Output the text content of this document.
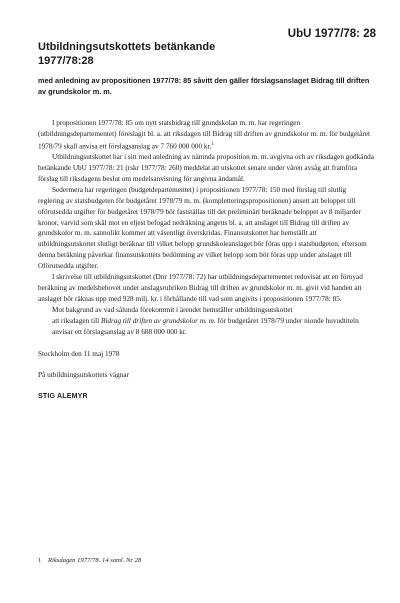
UbU 1977/78: 28
Utbildningsutskottets betänkande
1977/78:28
med anledning av propositionen 1977/78: 85 såvitt den gäller förslagsanslaget Bidrag till driften av grundskolor m. m.

I propositionen 1977/78: 85 om nytt statsbidrag till grundskolan m. m. har regeringen (utbildningsdepartementet) föreslagit bl. a. att riksdagen till Bidrag till driften av grundskolor m. m. för budgetåret 1978/79 skall anvisa ett förslagsanslag av 7 760 000 000 kr.$^1$

Utbildningsutskottet har i sitt med anledning av nämnda proposition m. m. avgivna och av riksdagen godkända betänkande UbU 1977/78: 21 (rskr 1977/78: 260) meddelat att utskottet senare under våren avsåg att framföra förslag till riksdagens beslut om medelsanvisning för angivna ändamål.

Sedermera har regeringen (budgetdepartementet) i propositionen 1977/78: 150 med förslag till slutlig reglering av statsbudgeten för budgetåret 1978/79 m. m. (kompletteringspropositionen) ansett att beloppet till oförutsedda utgifter för budgetåret 1978/79 bör fastställas till det preliminärt beräknade beloppet av 8 miljarder kronor, varvid som skäl mot en eljest befogad nedräkning angetts bl. a. att anslaget till Bidrag till driften av grundskolor m. m. sannolikt kommer att väsentligt överskridas. Finansutskottet har hemställt att utbildningsutskottet slutligt beräknar till vilket belopp grundskoleanslaget bör föras upp i statsbudgeten, eftersom denna beräkning påverkar finansutskottets bedömning av vilket belopp som bör föras upp under anslaget till Oförutsedda utgifter.

I skrivelse till utbildningsutskottet (Dnr 1977/78: 72) har utbildningsdepartementet redovisat att en förnyad beräkning av medelsbehovet under anslagsrubriken Bidrag till driften av grundskolor m. m. givit vid handen att anslaget bör räknas upp med 928 milj. kr. i förhållande till vad som angivits i propositionen 1977/78: 85.

Mot bakgrund av vad sålunda förekommit i ärendet hemställer utbildningsutskottet

att riksdagen till Bidrag till driften av grundskolor m. m. för budgetåret 1978/79 under nionde huvudtiteln anvisar ett förslagsanslag av 8 688 000 000 kr.

Stockholm den 11 maj 1978

På utbildningsutskottets vägnar

STIG ALEMYR

1 Riksdagen 1977/78. 14 saml. Nr 28
